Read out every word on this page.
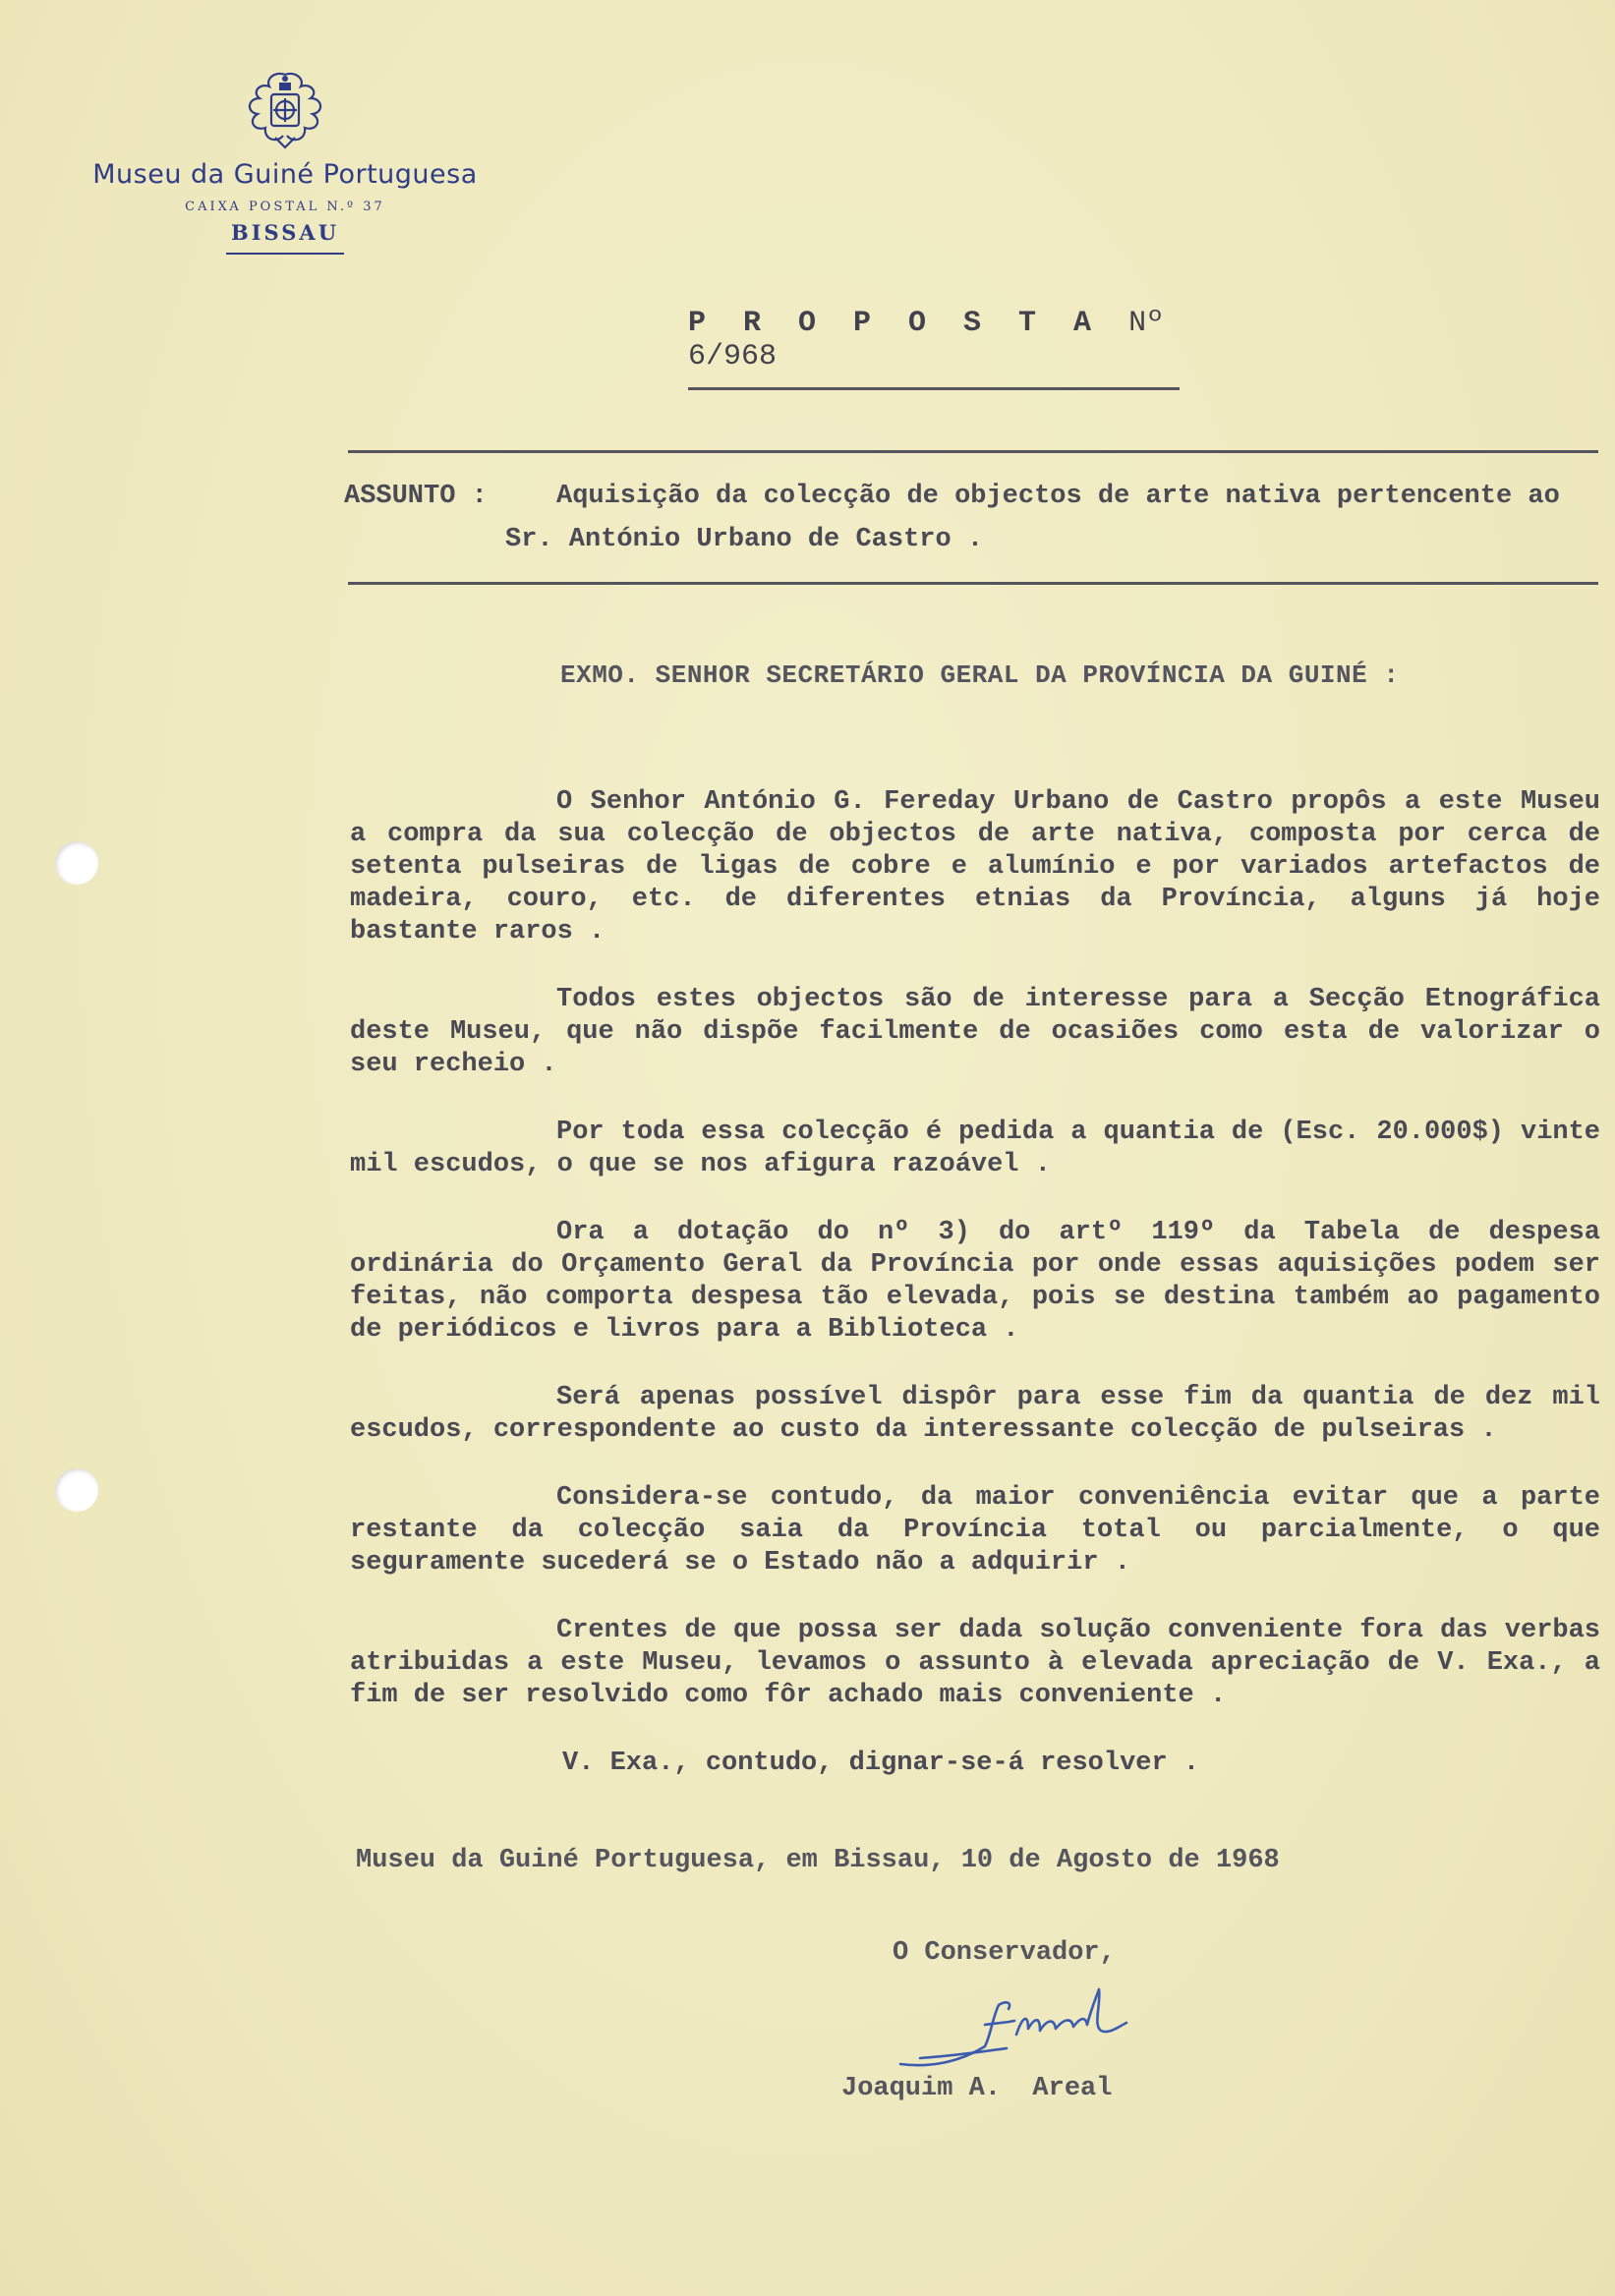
Museu da Guiné Portuguesa
CAIXA POSTAL N.º 37
BISSAU
P R O P O S T A Nº 6/968
ASSUNTO :	Aquisição da colecção de objectos de arte nativa pertencente ao
Sr. António Urbano de Castro .
EXMO. SENHOR SECRETÁRIO GERAL DA PROVÍNCIA DA GUINÉ :

O Senhor António G. Fereday Urbano de Castro propôs a este Museu a compra da sua colecção de objectos de arte nativa, composta por cerca de setenta pulseiras de ligas de cobre e alumínio e por variados artefactos de madeira, couro, etc. de diferentes etnias da Província, alguns já hoje bastante raros .

Todos estes objectos são de interesse para a Secção Etnográfica deste Museu, que não dispõe facilmente de ocasiões como esta de valorizar o seu recheio .

Por toda essa colecção é pedida a quantia de (Esc. 20.000$) vinte mil escudos, o que se nos afigura razoável .

Ora a dotação do nº 3) do artº 119º da Tabela de despesa ordinária do Orçamento Geral da Província por onde essas aquisições podem ser feitas, não comporta despesa tão elevada, pois se destina também ao pagamento de periódicos e livros para a Biblioteca .

Será apenas possível dispôr para esse fim da quantia de dez mil escudos, correspondente ao custo da interessante colecção de pulseiras .

Considera-se contudo, da maior conveniência evitar que a parte restante da colecção saia da Província total ou parcialmente, o que seguramente sucederá se o Estado não a adquirir .

Crentes de que possa ser dada solução conveniente fora das verbas atribuidas a este Museu, levamos o assunto à elevada apreciação de V. Exa., a fim de ser resolvido como fôr achado mais conveniente .

V. Exa., contudo, dignar-se-á resolver .

Museu da Guiné Portuguesa, em Bissau, 10 de Agosto de 1968
O Conservador,
Joaquim A.  Areal
